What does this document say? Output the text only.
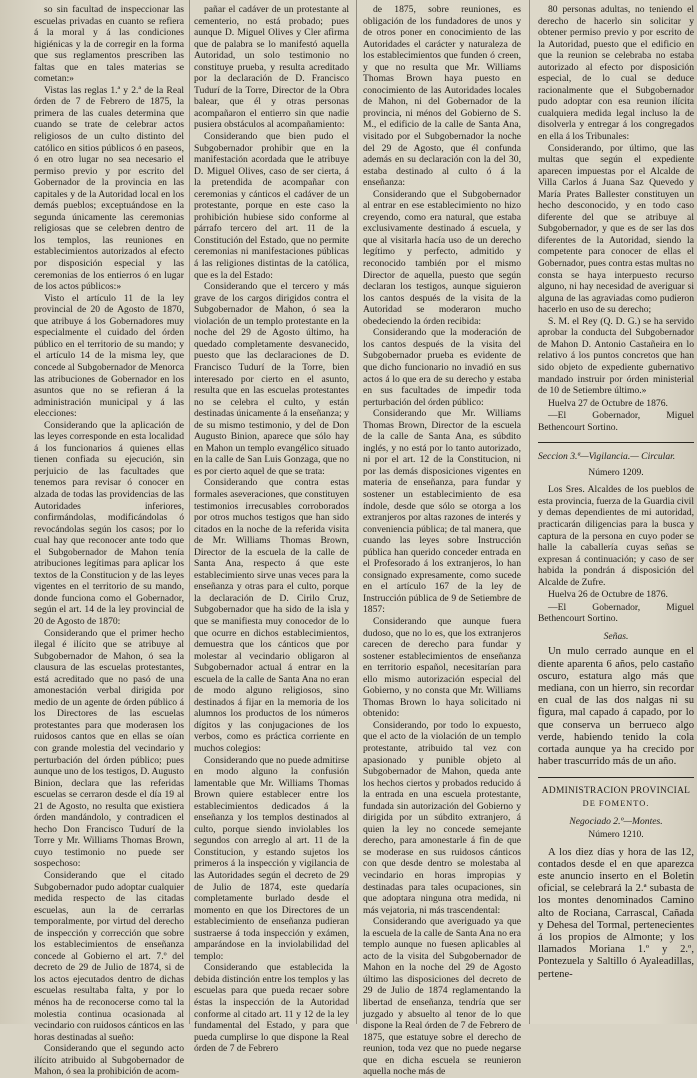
so sin facultad de inspeccionar las escuelas privadas en cuanto se refiera á la moral y á las condiciones higiénicas y la de corregir en la forma que sus reglamentos prescriben las faltas que en tales materias se cometan:»

Vistas las reglas 1.ª y 2.ª de la Real órden de 7 de Febrero de 1875, la primera de las cuales determina que cuando se trate de celebrar actos religiosos de un culto distinto del católico en sitios públicos ó en paseos, ó en otro lugar no sea necesario el permiso previo y por escrito del Gobernador de la provincia en las capitales y de la Autoridad local en los demás pueblos; exceptuándose en la segunda únicamente las ceremonias religiosas que se celebren dentro de los templos, las reuniones en establecimientos autorizados al efecto por disposición especial y las ceremonias de los entierros ó en lugar de los actos públicos:»

Visto el artículo 11 de la ley provincial de 20 de Agosto de 1870, que atribuye á los Gobernadores muy especialmente el cuidado del órden público en el territorio de su mando; y el artículo 14 de la misma ley, que concede al Subgobernador de Menorca las atribuciones de Gobernador en los asuntos que no se refieran á la administración municipal y á las elecciones:

Considerando que la aplicación de las leyes corresponde en esta localidad á los funcionarios á quienes ellas tienen confiada su ejecución, sin perjuicio de las facultades que tenemos para revisar ó conocer en alzada de todas las providencias de las Autoridades inferiores, confirmándolas, modificándolas ó revocándolas según los casos; por lo cual hay que reconocer ante todo que el Subgobernador de Mahon tenía atribuciones legítimas para aplicar los textos de la Constitucion y de las leyes vigentes en el territorio de su mando, donde funciona como el Gobernador, según el art. 14 de la ley provincial de 20 de Agosto de 1870:

Considerando que el primer hecho ilegal é ilícito que se atribuye al Subgobernador de Mahon, ó sea la clausura de las escuelas protestantes, está acreditado que no pasó de una amonestación verbal dirigida por medio de un agente de órden público á los Directores de las escuelas protestantes para que moderasen los ruidosos cantos que en ellas se oían con grande molestia del vecindario y perturbación del órden público; pues aunque uno de los testigos, D. Augusto Binion, declara que las referidas escuelas se cerraron desde el día 19 al 21 de Agosto, no resulta que existiera órden mandándolo, y contradicen el hecho Don Francisco Tudurí de la Torre y Mr. Williams Thomas Brown, cuyo testimonio no puede ser sospechoso:

Considerando que el citado Subgobernador pudo adoptar cualquier medida respecto de las citadas escuelas, aun la de cerrarlas temporalmente, por virtud del derecho de inspección y corrección que sobre los establecimientos de enseñanza concede al Gobierno el art. 7.º del decreto de 29 de Julio de 1874, si de los actos ejecutados dentro de dichas escuelas resultaba falta, y por lo ménos ha de reconocerse como tal la molestia continua ocasionada al vecindario con ruidosos cánticos en las horas destinadas al sueño:

Considerando que el segundo acto ilícito atribuido al Subgobernador de Mahon, ó sea la prohibición de acom-

pañar el cadáver de un protestante al cementerio, no está probado; pues aunque D. Miguel Olives y Cler afirma que de palabra se lo manifestó aquella Autoridad, un solo testimonio no constituye prueba, y resulta acreditado por la declaración de D. Francisco Tudurí de la Torre, Director de la Obra balear, que él y otras personas acompañaron el entierro sin que nadie pusiera obstáculos al acompañamiento:

Considerando que bien pudo el Subgobernador prohibir que en la manifestación acordada que le atribuye D. Miguel Olives, caso de ser cierta, á la pretendida de acompañar con ceremonias y cánticos el cadáver de un protestante, porque en este caso la prohibición hubiese sido conforme al párrafo tercero del art. 11 de la Constitución del Estado, que no permite ceremonias ni manifestaciones públicas á las religiones distintas de la católica, que es la del Estado:

Considerando que el tercero y más grave de los cargos dirigidos contra el Subgobernador de Mahon, ó sea la violación de un templo protestante en la noche del 29 de Agosto último, ha quedado completamente desvanecido, puesto que las declaraciones de D. Francisco Tudurí de la Torre, bien interesado por cierto en el asunto, resulta que en las escuelas protestantes no se celebra el culto, y están destinadas únicamente á la enseñanza; y de su mismo testimonio, y del de Don Augusto Binion, aparece que sólo hay en Mahon un templo evangélico situado en la calle de San Luis Gonzaga, que no es por cierto aquel de que se trata:

Considerando que contra estas formales aseveraciones, que constituyen testimonios irrecusables corroborados por otros muchos testigos que han sido citados en la noche de la referida visita de Mr. Williams Thomas Brown, Director de la escuela de la calle de Santa Ana, respecto á que este establecimiento sirve unas veces para la enseñanza y otras para el culto, porque la declaración de D. Cirilo Cruz, Subgobernador que ha sido de la isla y que se manifiesta muy conocedor de lo que ocurre en dichos establecimientos, demuestra que los cánticos que por molestar al vecindario obligaron al Subgobernador actual á entrar en la escuela de la calle de Santa Ana no eran de modo alguno religiosos, sino destinados á fijar en la memoria de los alumnos los productos de los números dígitos y las conjugaciones de los verbos, como es práctica corriente en muchos colegios:

Considerando que no puede admitirse en modo alguno la confusión lamentable que Mr. Williams Thomas Brown quiere establecer entre los establecimientos dedicados á la enseñanza y los templos destinados al culto, porque siendo inviolables los segundos con arreglo al art. 11 de la Constitucion, y estando sujetos los primeros á la inspección y vigilancia de las Autoridades según el decreto de 29 de Julio de 1874, este quedaría completamente burlado desde el momento en que los Directores de un establecimiento de enseñanza pudieran sustraerse á toda inspección y exámen, amparándose en la inviolabilidad del templo:

Considerando que establecida la debida distinción entre los templos y las escuelas para que pueda recaer sobre éstas la inspección de la Autoridad conforme al citado art. 11 y 12 de la ley fundamental del Estado, y para que pueda cumplirse lo que dispone la Real órden de 7 de Febrero

de 1875, sobre reuniones, es obligación de los fundadores de unos y de otros poner en conocimiento de las Autoridades el carácter y naturaleza de los establecimientos que funden ó creen, y que no resulta que Mr. Williams Thomas Brown haya puesto en conocimiento de las Autoridades locales de Mahon, ni del Gobernador de la provincia, ni ménos del Gobierno de S. M., el edificio de la calle de Santa Ana, visitado por el Subgobernador la noche del 29 de Agosto, que él confunda además en su declaración con la del 30, estaba destinado al culto ó á la enseñanza:

Considerando que el Subgobernador al entrar en ese establecimiento no hizo creyendo, como era natural, que estaba exclusivamente destinado á escuela, y que al visitarla hacía uso de un derecho legítimo y perfecto, admitido y reconocido también por el mismo Director de aquella, puesto que según declaran los testigos, aunque siguieron los cantos después de la visita de la Autoridad se moderaron mucho obedeciendo la órden recibida:

Considerando que la moderación de los cantos después de la visita del Subgobernador prueba es evidente de que dicho funcionario no invadió en sus actos á lo que era de su derecho y estaba en sus facultades de impedir toda perturbación del órden público:

Considerando que Mr. Williams Thomas Brown, Director de la escuela de la calle de Santa Ana, es súbdito inglés, y no está por lo tanto autorizado, ni por el art. 12 de la Constitucion, ni por las demás disposiciones vigentes en materia de enseñanza, para fundar y sostener un establecimiento de esa índole, desde que sólo se otorga a los extranjeros por altas razones de interés y conveniencia pública; de tal manera, que cuando las leyes sobre Instrucción pública han querido conceder entrada en el Profesorado á los extranjeros, lo han consignado expresamente, como sucede en el artículo 167 de la ley de Instrucción pública de 9 de Setiembre de 1857:

Considerando que aunque fuera dudoso, que no lo es, que los extranjeros carecen de derecho para fundar y sostener establecimientos de enseñanza en territorio español, necesitarían para ello mismo autorización especial del Gobierno, y no consta que Mr. Williams Thomas Brown lo haya solicitado ni obtenido:

Considerando, por todo lo expuesto, que el acto de la violación de un templo protestante, atribuido tal vez con apasionado y punible objeto al Subgobernador de Mahon, queda ante los hechos ciertos y probados reducido á la entrada en una escuela protestante, fundada sin autorización del Gobierno y dirigida por un súbdito extranjero, á quien la ley no concede semejante derecho, para amonestarle á fin de que se moderase en sus ruidosos cánticos con que desde dentro se molestaba al vecindario en horas impropias y destinadas para tales ocupaciones, sin que adoptara ninguna otra medida, ni más vejatoria, ni más trascendental:

Considerando que averiguado ya que la escuela de la calle de Santa Ana no era templo aunque no fuesen aplicables al acto de la visita del Subgobernador de Mahon en la noche del 29 de Agosto último las disposiciones del decreto de 29 de Julio de 1874 reglamentando la libertad de enseñanza, tendría que ser juzgado y absuelto al tenor de lo que dispone la Real órden de 7 de Febrero de 1875, que estatuye sobre el derecho de reunion, toda vez que no puede negarse que en dicha escuela se reunieron aquella noche más de

80 personas adultas, no teniendo el derecho de hacerlo sin solicitar y obtener permiso previo y por escrito de la Autoridad, puesto que el edificio en que la reunion se celebraba no estaba autorizado al efecto por disposición especial, de lo cual se deduce racionalmente que el Subgobernador pudo adoptar con esa reunion ilícita cualquiera medida legal incluso la de disolverla y entregar á los congregados en ella á los Tribunales:

Considerando, por último, que las multas que según el expediente aparecen impuestas por el Alcalde de Villa Carlos á Juana Saz Quevedo y María Prates Ballester constituyen un hecho desconocido, y en todo caso diferente del que se atribuye al Subgobernador, y que es de ser las dos diferentes de la Autoridad, siendo la competente para conocer de ellas el Gobernador, pues contra estas multas no consta se haya interpuesto recurso alguno, ni hay necesidad de averiguar si alguna de las agraviadas como pudieron hacerlo en uso de su derecho;

S. M. el Rey (Q. D. G.) se ha servido aprobar la conducta del Subgobernador de Mahon D. Antonio Castañeira en lo relativo á los puntos concretos que han sido objeto de expediente gubernativo mandado instruir por órden ministerial de 10 de Setiembre último.»

Huelva 27 de Octubre de 1876.

—El Gobernador, Miguel Bethencourt Sortino.

Seccion 3.ª—Vigilancia.— Circular.

Número 1209.

Los Sres. Alcaldes de los pueblos de esta provincia, fuerza de la Guardia civil y demas dependientes de mi autoridad, practicarán diligencias para la busca y captura de la persona en cuyo poder se halle la caballería cuyas señas se expresan á continuación; y caso de ser habida la pondrán á disposición del Alcalde de Zufre.

Huelva 26 de Octubre de 1876.

—El Gobernador, Miguel Bethencourt Sortino.

Señas.

Un mulo cerrado aunque en el diente aparenta 6 años, pelo castaño oscuro, estatura algo más que mediana, con un hierro, sin recordar en cual de las dos nalgas ni su figura, mal capado á capado, por lo que conserva un berrueco algo verde, habiendo tenido la cola cortada aunque ya ha crecido por haber trascurrido más de un año.

ADMINISTRACION PROVINCIAL

DE FOMENTO.

Negociado 2.º—Montes.

Número 1210.

A los diez días y hora de las 12, contados desde el en que aparezca este anuncio inserto en el Boletin oficial, se celebrará la 2.ª subasta de los montes denominados Camino alto de Rociana, Carrascal, Cañada y Dehesa del Tormal, pertenecientes á los propios de Almonte; y los llamados Moriana 1.º y 2.º, Pontezuela y Saltillo ó Ayaleadillas, pertene-
